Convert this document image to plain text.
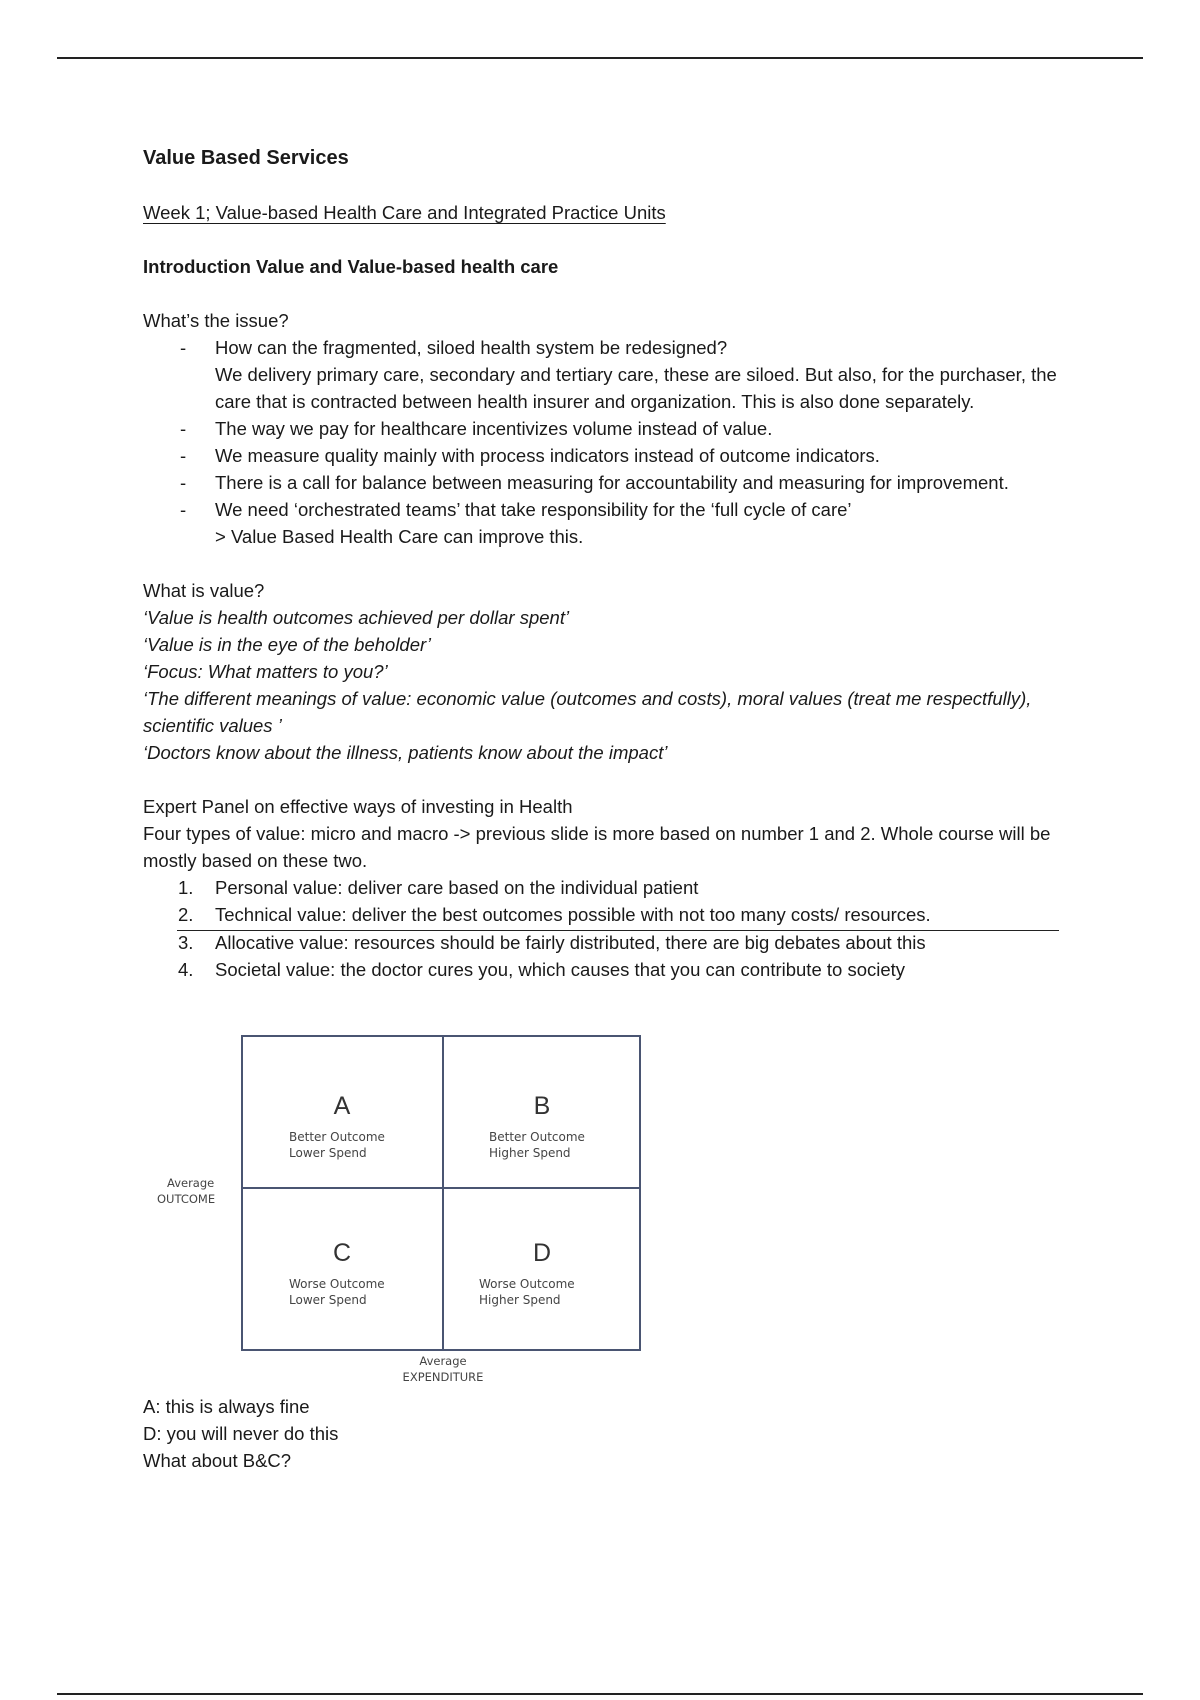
Value Based Services
Week 1; Value-based Health Care and Integrated Practice Units
Introduction Value and Value-based health care

What’s the issue?

- How can the fragmented, siloed health system be redesigned?
We delivery primary care, secondary and tertiary care, these are siloed. But also, for the purchaser, the care that is contracted between health insurer and organization. This is also done separately.
- The way we pay for healthcare incentivizes volume instead of value.
- We measure quality mainly with process indicators instead of outcome indicators.
- There is a call for balance between measuring for accountability and measuring for improvement.
- We need ‘orchestrated teams’ that take responsibility for the ‘full cycle of care’
> Value Based Health Care can improve this.

What is value?

‘Value is health outcomes achieved per dollar spent’

‘Value is in the eye of the beholder’

‘Focus: What matters to you?’

‘The different meanings of value: economic value (outcomes and costs), moral values (treat me respectfully), scientific values ’

‘Doctors know about the illness, patients know about the impact’

Expert Panel on effective ways of investing in Health

Four types of value: micro and macro -> previous slide is more based on number 1 and 2. Whole course will be mostly based on these two.

1. Personal value: deliver care based on the individual patient
2. Technical value: deliver the best outcomes possible with not too many costs/ resources.
3. Allocative value: resources should be fairly distributed, there are big debates about this
4. Societal value: the doctor cures you, which causes that you can contribute to society
A
Better Outcome
Lower Spend
B
Better Outcome
Higher Spend
C
Worse Outcome
Lower Spend
D
Worse Outcome
Higher Spend
Average
OUTCOME
Average
EXPENDITURE

A: this is always fine

D: you will never do this

What about B&C?
